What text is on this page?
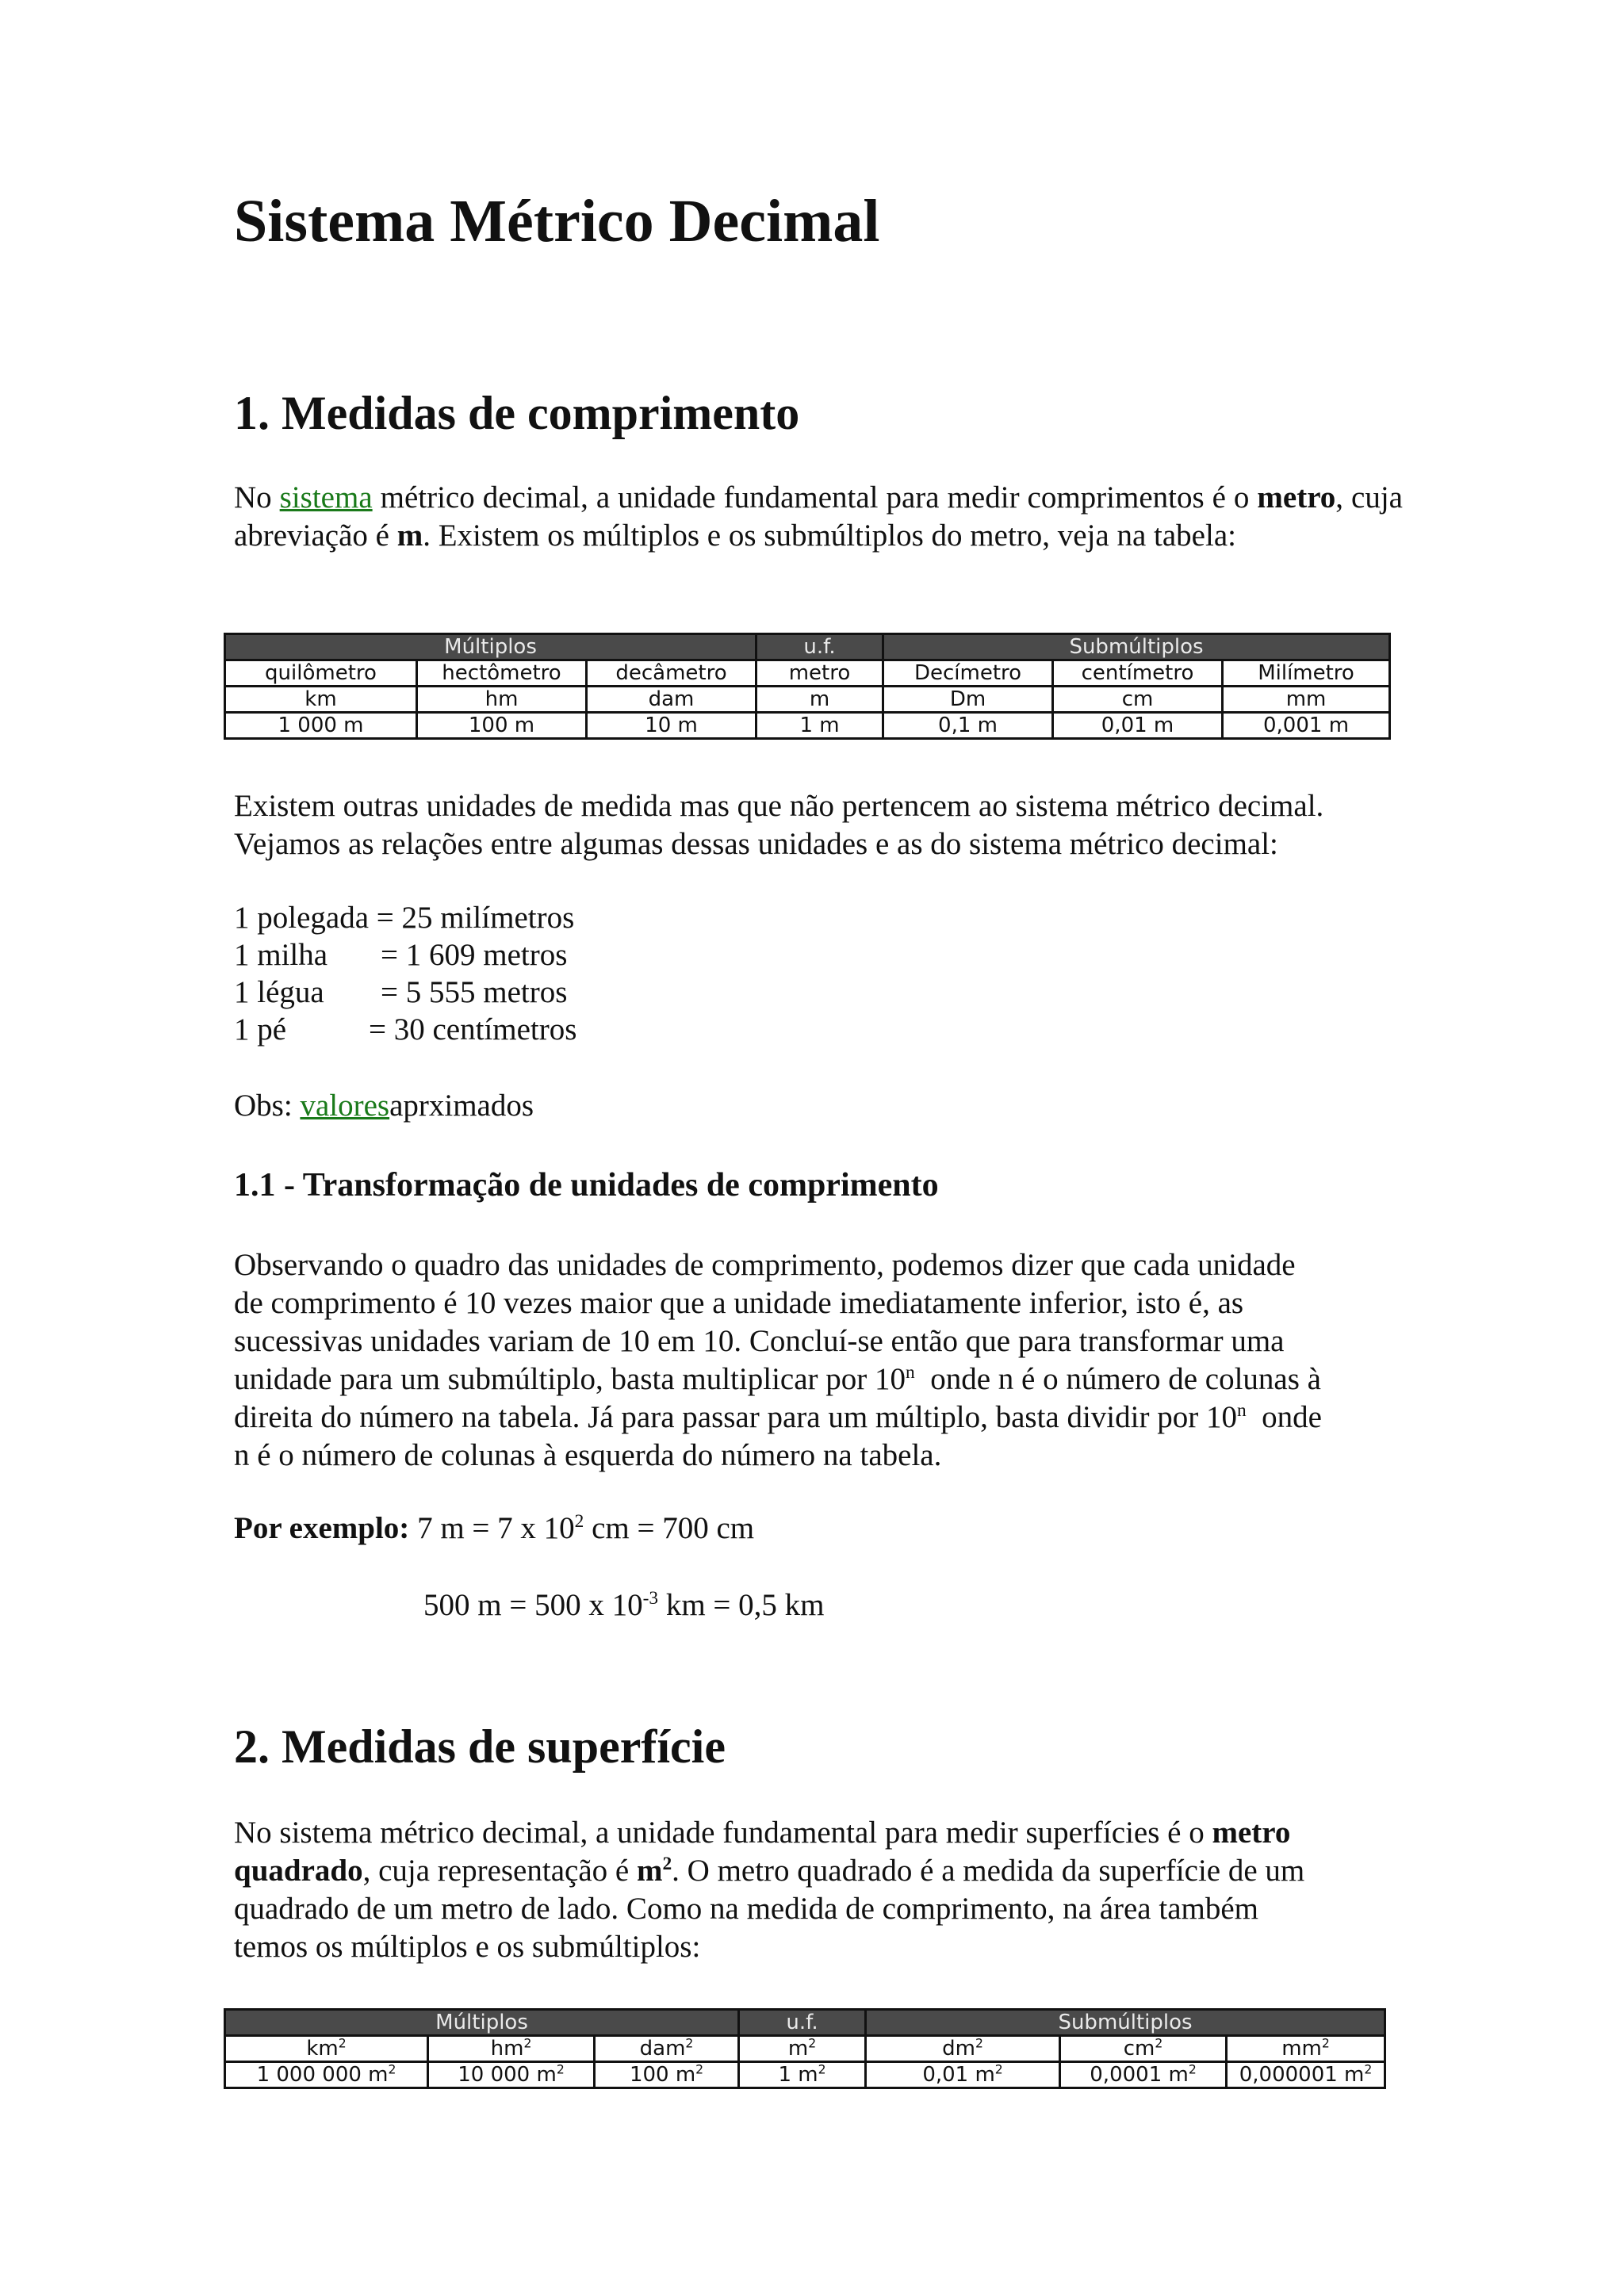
Sistema Métrico Decimal
1. Medidas de comprimento

No sistema métrico decimal, a unidade fundamental para medir comprimentos é o metro, cuja abreviação é m. Existem os múltiplos e os submúltiplos do metro, veja na tabela:

Múltiplos			u.f.	Submúltiplos		
quilômetro	hectômetro	decâmetro	metro	Decímetro	centímetro	Milímetro
km	hm	dam	m	Dm	cm	mm
1 000 m	100 m	10 m	1 m	0,1 m	0,01 m	0,001 m

Existem outras unidades de medida mas que não pertencem ao sistema métrico decimal.
Vejamos as relações entre algumas dessas unidades e as do sistema métrico decimal:

1 polegada = 25 milímetros
1 milha = 1 609 metros
1 légua = 5 555 metros
1 pé	= 30 centímetros

Obs: valoresaprximados

1.1 - Transformação de unidades de comprimento
Observando o quadro das unidades de comprimento, podemos dizer que cada unidade
de comprimento é 10 vezes maior que a unidade imediatamente inferior, isto é, as
sucessivas unidades variam de 10 em 10. Concluí-se então que para transformar uma
unidade para um submúltiplo, basta multiplicar por 10$^n$  onde n é o número de colunas à
direita do número na tabela. Já para passar para um múltiplo, basta dividir por 10$^n$  onde
n é o número de colunas à esquerda do número na tabela.
Por exemplo: 7 m = 7 x $10^2$ cm = 700 cm
500 m = 500 x $10^{-3}$ km = 0,5 km
2. Medidas de superfície
No sistema métrico decimal, a unidade fundamental para medir superfícies é o metro
quadrado, cuja representação é $m^2$. O metro quadrado é a medida da superfície de um
quadrado de um metro de lado. Como na medida de comprimento, na área também
temos os múltiplos e os submúltiplos:
Múltiplos			u.f.	Submúltiplos		
$km^2$	$hm^2$	dam$^2$	$m^2$	$dm^2$	$cm^2$	$mm^2$
1 000 000 $m^2$	10 000 $m^2$	100 $m^2$	1 $m^2$	0,01 $m^2$	0,0001 $m^2$	0,000001 $m^2$
